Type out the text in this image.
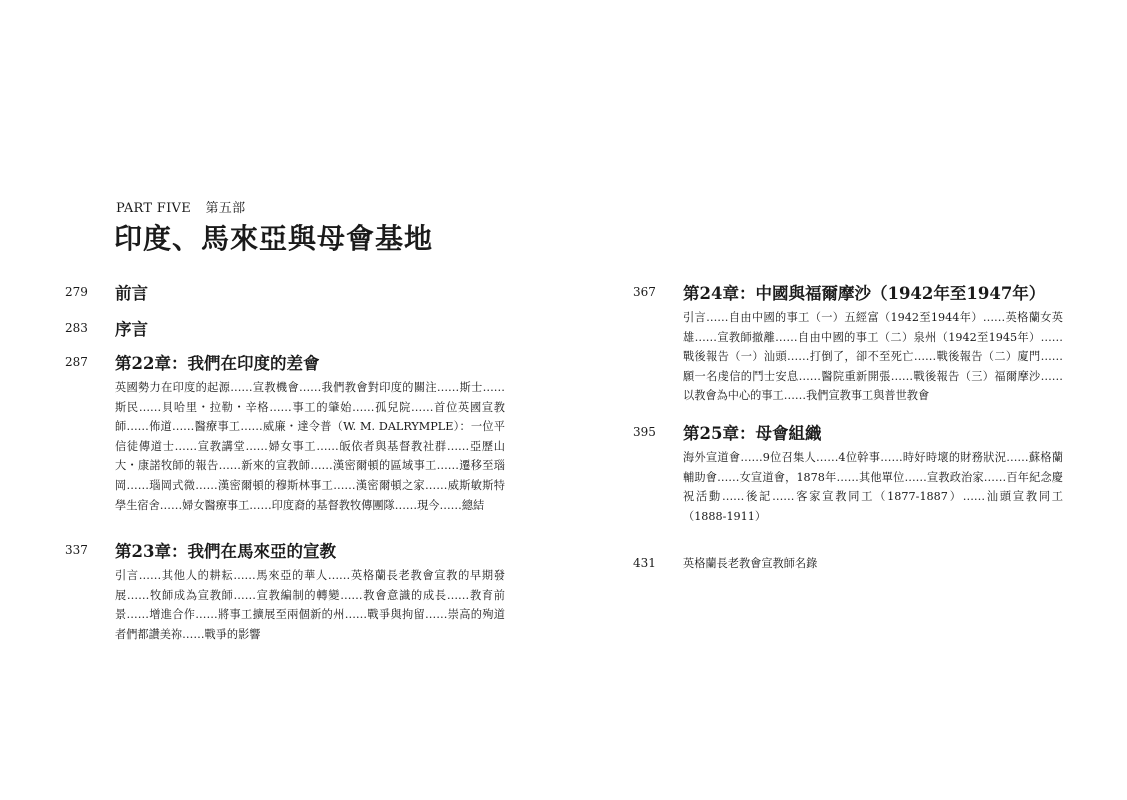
PART FIVE 第五部
印度、馬來亞與母會基地
279	前言
283	序言
287	第22章：我們在印度的差會
英國勢力在印度的起源……宣教機會……我們教會對印度的關注……斯士……斯民……貝哈里・拉勒・辛格……事工的肇始……孤兒院……首位英國宣教師……佈道……醫療事工……威廉・達令普（W. M. DALRYMPLE）：一位平信徒傳道士……宣教講堂……婦女事工……皈依者與基督教社群……亞歷山大・康諾牧師的報告……新來的宣教師……漢密爾頓的區域事工……遷移至瑙岡……瑙岡式微……漢密爾頓的穆斯林事工……漢密爾頓之家……威斯敏斯特學生宿舍……婦女醫療事工……印度裔的基督教牧傳團隊……現今……總結
337	第23章：我們在馬來亞的宣教
引言……其他人的耕耘……馬來亞的華人……英格蘭長老教會宣教的早期發展……牧師成為宣教師……宣教編制的轉變……教會意識的成長……教育前景……增進合作……將事工擴展至兩個新的州……戰爭與拘留……崇高的殉道者們都讚美祢……戰爭的影響
367	第24章：中國與福爾摩沙（1942年至1947年）
引言……自由中國的事工（一）五經富（1942至1944年）……英格蘭女英雄……宣教師撤離……自由中國的事工（二）泉州（1942至1945年）……戰後報告（一）汕頭……打倒了，卻不至死亡……戰後報告（二）廈門……願一名虔信的鬥士安息……醫院重新開張……戰後報告（三）福爾摩沙……以教會為中心的事工……我們宣教事工與普世教會
395	第25章：母會組織
海外宣道會……9位召集人……4位幹事……時好時壞的財務狀況……蘇格蘭輔助會……女宣道會，1878年……其他單位……宣教政治家……百年紀念慶祝活動……後記……客家宣教同工（1877-1887）……汕頭宣教同工（1888-1911）
431	英格蘭長老教會宣教師名錄
